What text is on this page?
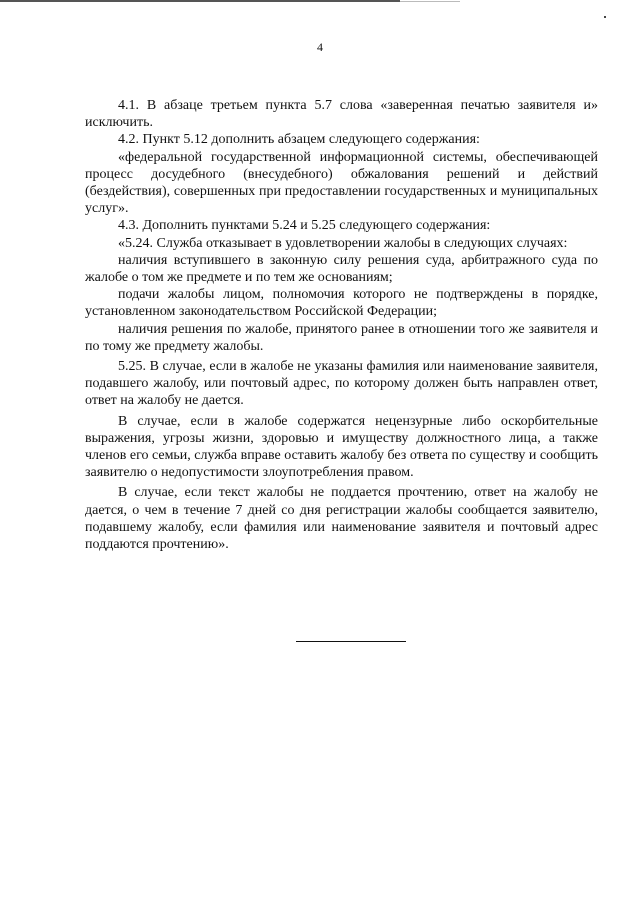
4

4.1. В абзаце третьем пункта 5.7 слова «заверенная печатью заявителя и» исключить.

4.2. Пункт 5.12 дополнить абзацем следующего содержания:

«федеральной государственной информационной системы, обеспечивающей процесс досудебного (внесудебного) обжалования решений и действий (бездействия), совершенных при предоставлении государственных и муниципальных услуг».

4.3. Дополнить пунктами 5.24 и 5.25 следующего содержания:

«5.24. Служба отказывает в удовлетворении жалобы в следующих случаях:

наличия вступившего в законную силу решения суда, арбитражного суда по жалобе о том же предмете и по тем же основаниям;

подачи жалобы лицом, полномочия которого не подтверждены в порядке, установленном законодательством Российской Федерации;

наличия решения по жалобе, принятого ранее в отношении того же заявителя и по тому же предмету жалобы.

5.25. В случае, если в жалобе не указаны фамилия или наименование заявителя, подавшего жалобу, или почтовый адрес, по которому должен быть направлен ответ, ответ на жалобу не дается.

В случае, если в жалобе содержатся нецензурные либо оскорбительные выражения, угрозы жизни, здоровью и имуществу должностного лица, а также членов его семьи, служба вправе оставить жалобу без ответа по существу и сообщить заявителю о недопустимости злоупотребления правом.

В случае, если текст жалобы не поддается прочтению, ответ на жалобу не дается, о чем в течение 7 дней со дня регистрации жалобы сообщается заявителю, подавшему жалобу, если фамилия или наименование заявителя и почтовый адрес поддаются прочтению».
